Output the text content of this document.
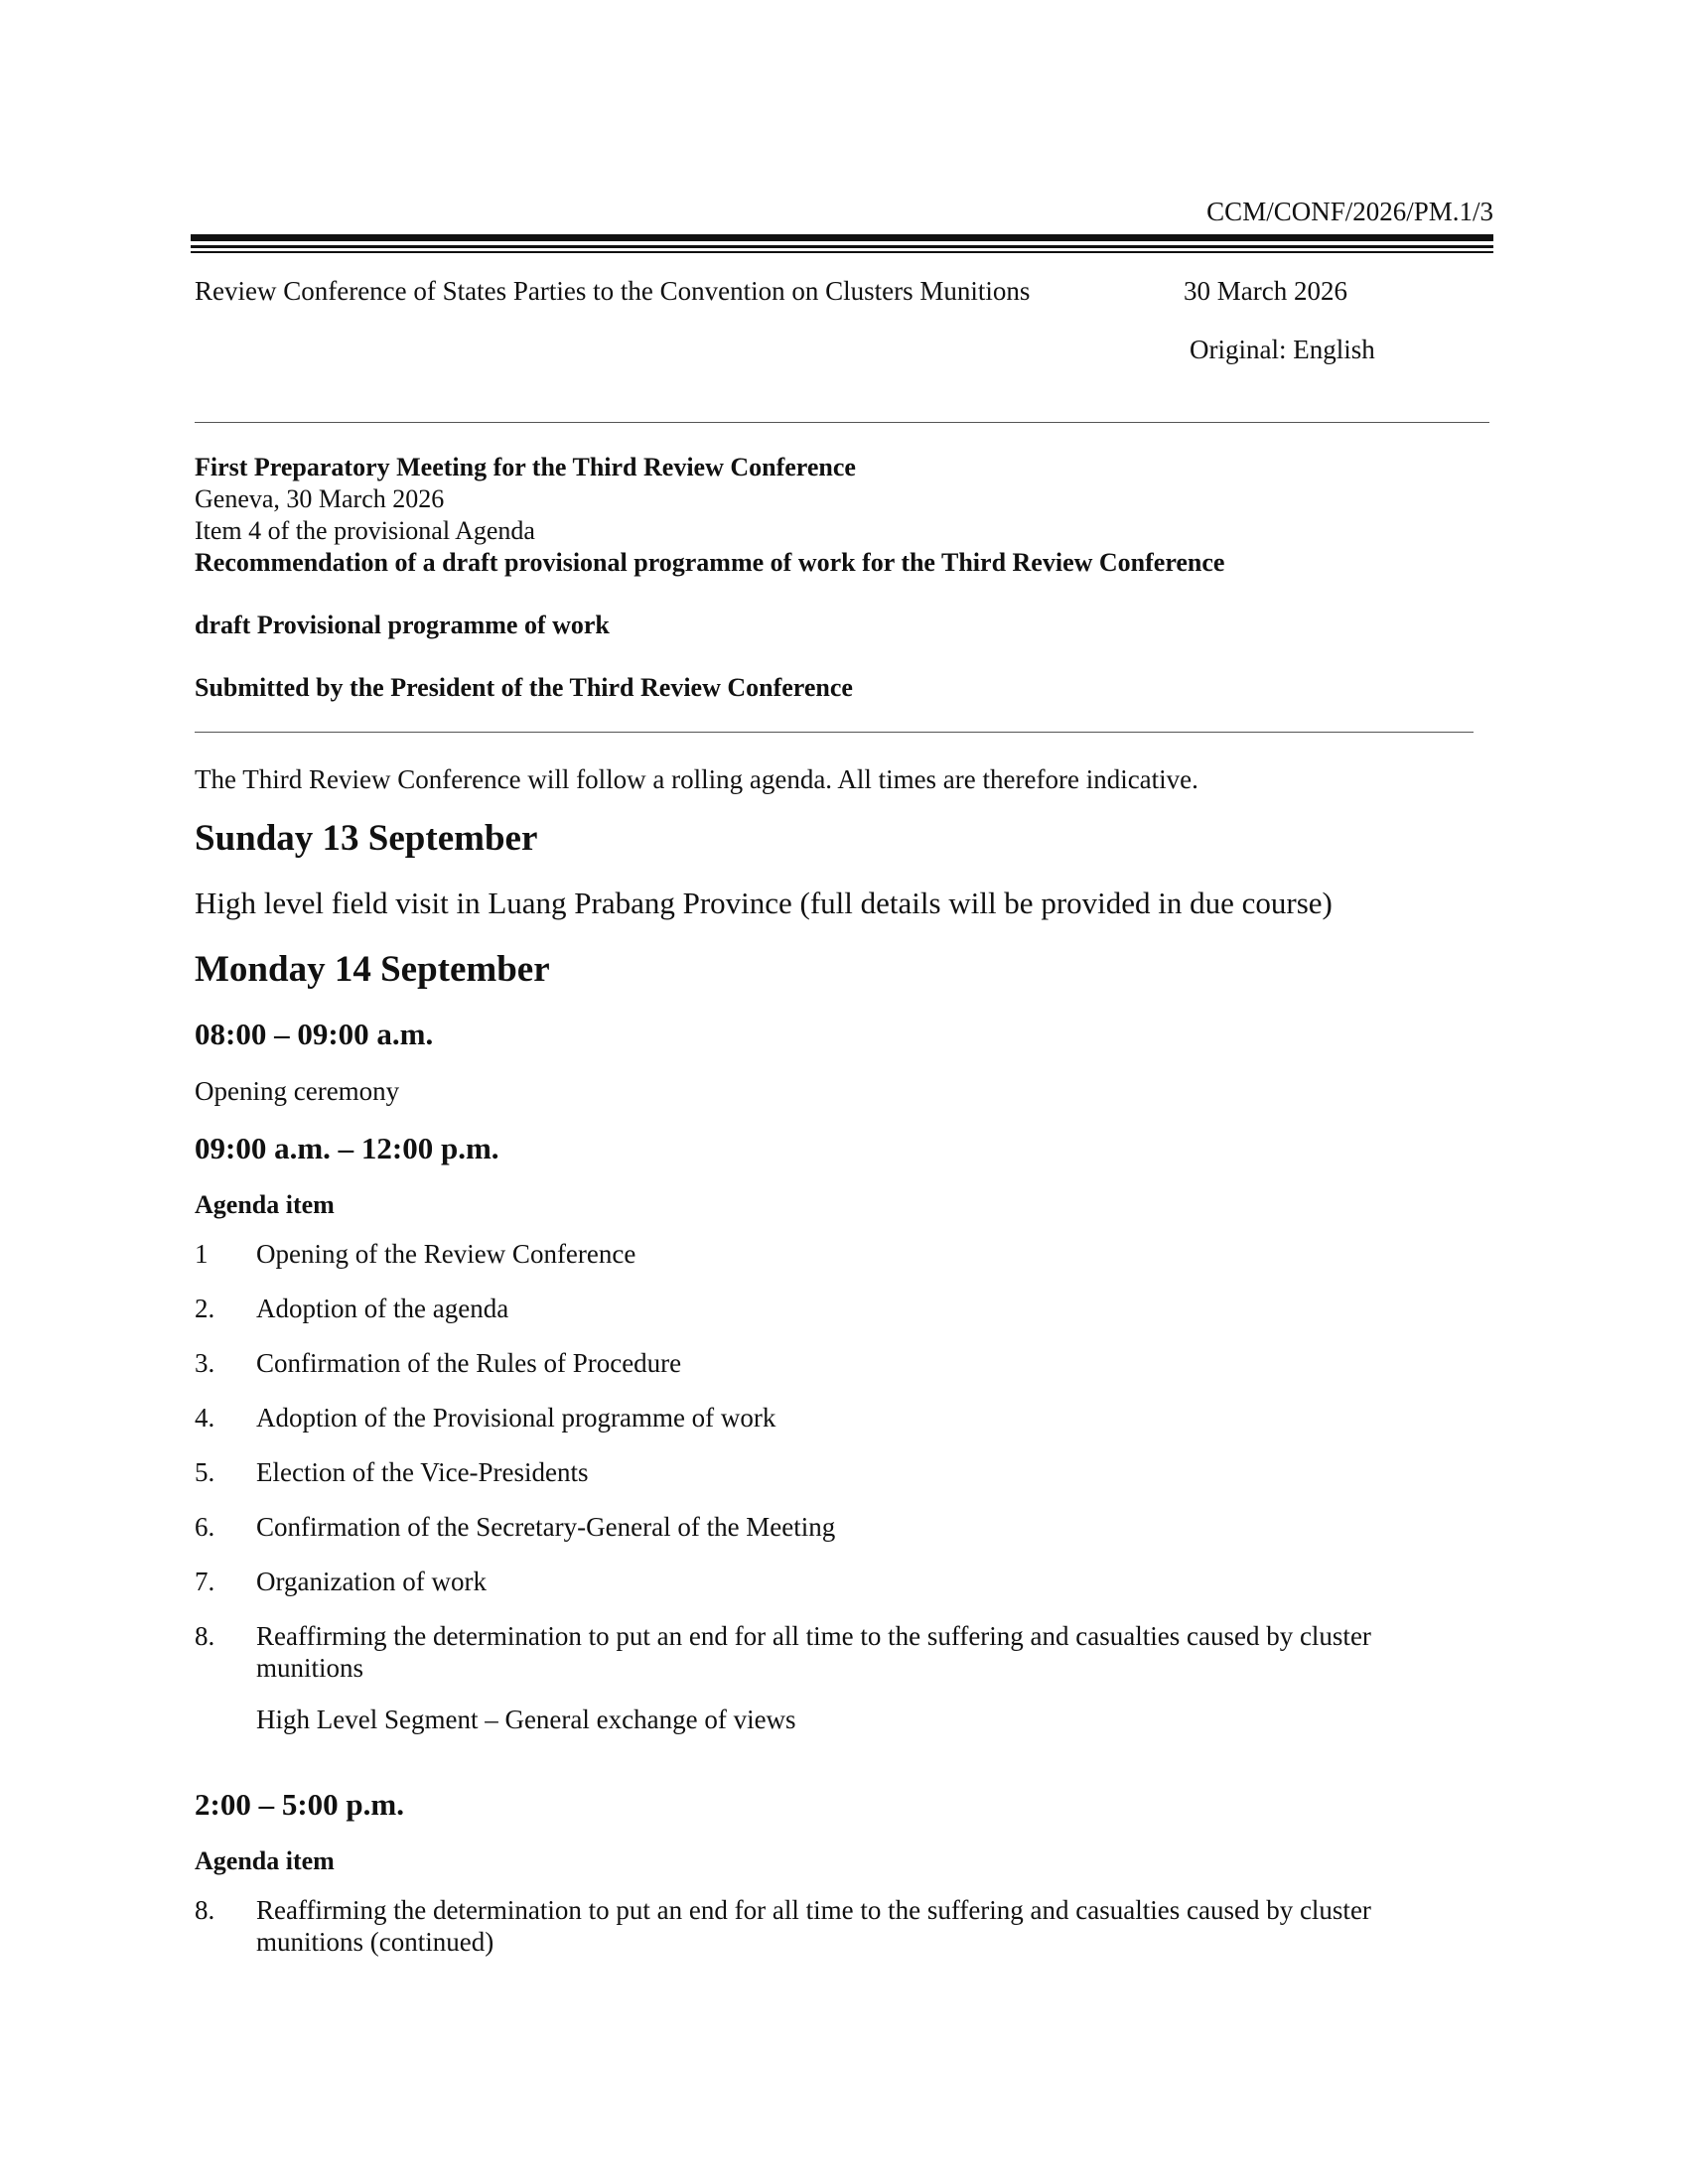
CCM/CONF/2026/PM.1/3
Review Conference of States Parties to the Convention on Clusters Munitions	30 March 2026
Original: English
First Preparatory Meeting for the Third Review Conference
Geneva, 30 March 2026
Item 4 of the provisional Agenda
Recommendation of a draft provisional programme of work for the Third Review Conference
draft Provisional programme of work
Submitted by the President of the Third Review Conference
The Third Review Conference will follow a rolling agenda. All times are therefore indicative.
Sunday 13 September
High level field visit in Luang Prabang Province (full details will be provided in due course)
Monday 14 September
08:00 – 09:00 a.m.
Opening ceremony
09:00 a.m. – 12:00 p.m.
Agenda item
1	Opening of the Review Conference
2.	Adoption of the agenda
3.	Confirmation of the Rules of Procedure
4.	Adoption of the Provisional programme of work
5.	Election of the Vice-Presidents
6.	Confirmation of the Secretary-General of the Meeting
7.	Organization of work
8.	Reaffirming the determination to put an end for all time to the suffering and casualties caused by cluster munitions
High Level Segment – General exchange of views
2:00 – 5:00 p.m.
Agenda item
8.	Reaffirming the determination to put an end for all time to the suffering and casualties caused by cluster munitions (continued)
